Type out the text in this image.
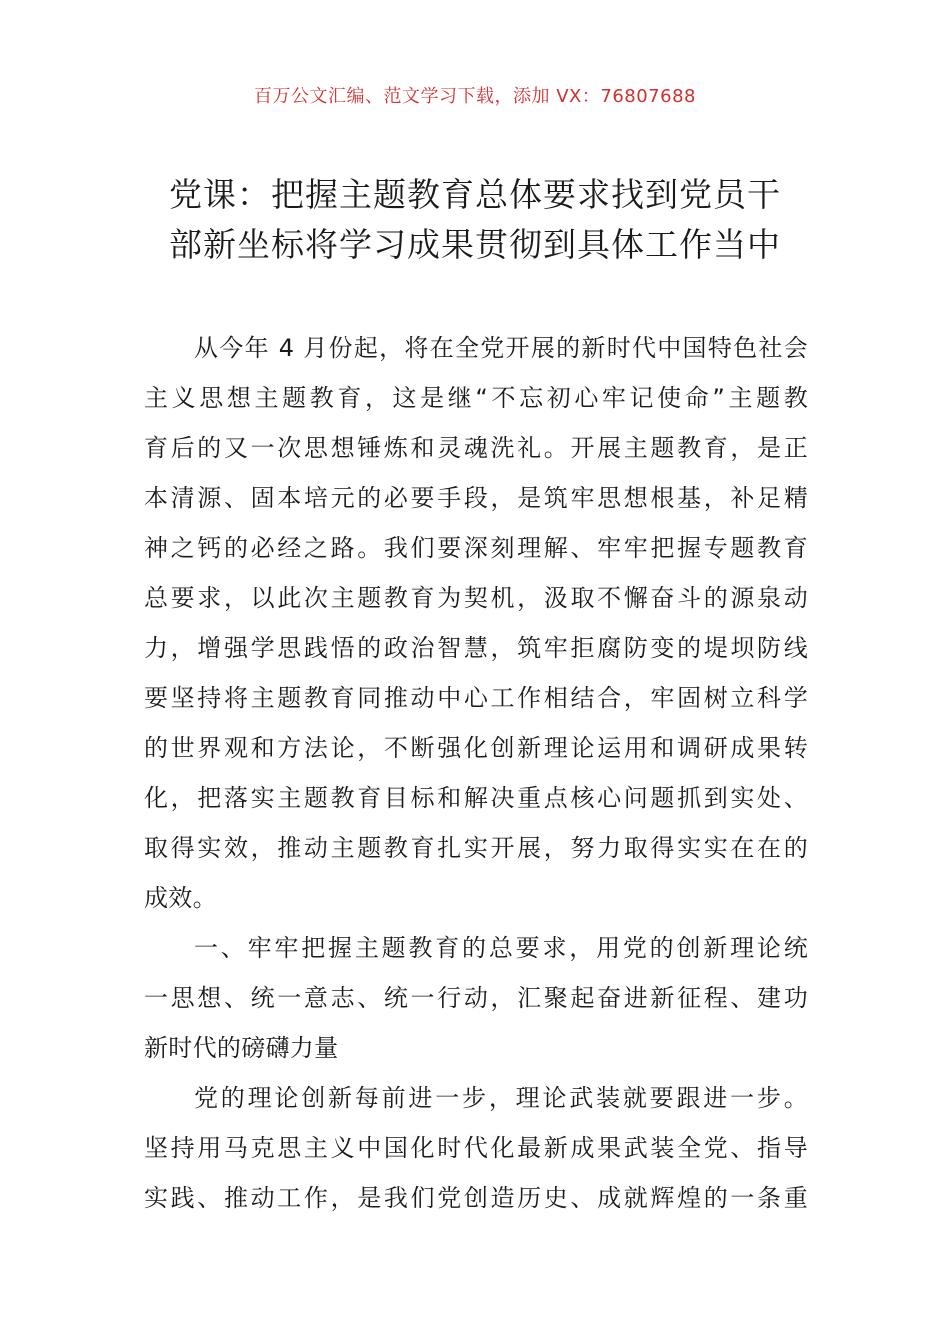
百万公文汇编、范文学习下载，添加 VX：76807688
党课：把握主题教育总体要求找到党员干
部新坐标将学习成果贯彻到具体工作当中

从今年 4 月份起，将在全党开展的新时代中国特色社会
主义思想主题教育，这是继“不忘初心牢记使命”主题教
育后的又一次思想锤炼和灵魂洗礼。开展主题教育，是正
本清源、固本培元的必要手段，是筑牢思想根基，补足精
神之钙的必经之路。我们要深刻理解、牢牢把握专题教育
总要求，以此次主题教育为契机，汲取不懈奋斗的源泉动
力，增强学思践悟的政治智慧，筑牢拒腐防变的堤坝防线
要坚持将主题教育同推动中心工作相结合，牢固树立科学
的世界观和方法论，不断强化创新理论运用和调研成果转
化，把落实主题教育目标和解决重点核心问题抓到实处、
取得实效，推动主题教育扎实开展，努力取得实实在在的
成效。

一、牢牢把握主题教育的总要求，用党的创新理论统
一思想、统一意志、统一行动，汇聚起奋进新征程、建功
新时代的磅礴力量

党的理论创新每前进一步，理论武装就要跟进一步。
坚持用马克思主义中国化时代化最新成果武装全党、指导
实践、推动工作，是我们党创造历史、成就辉煌的一条重
